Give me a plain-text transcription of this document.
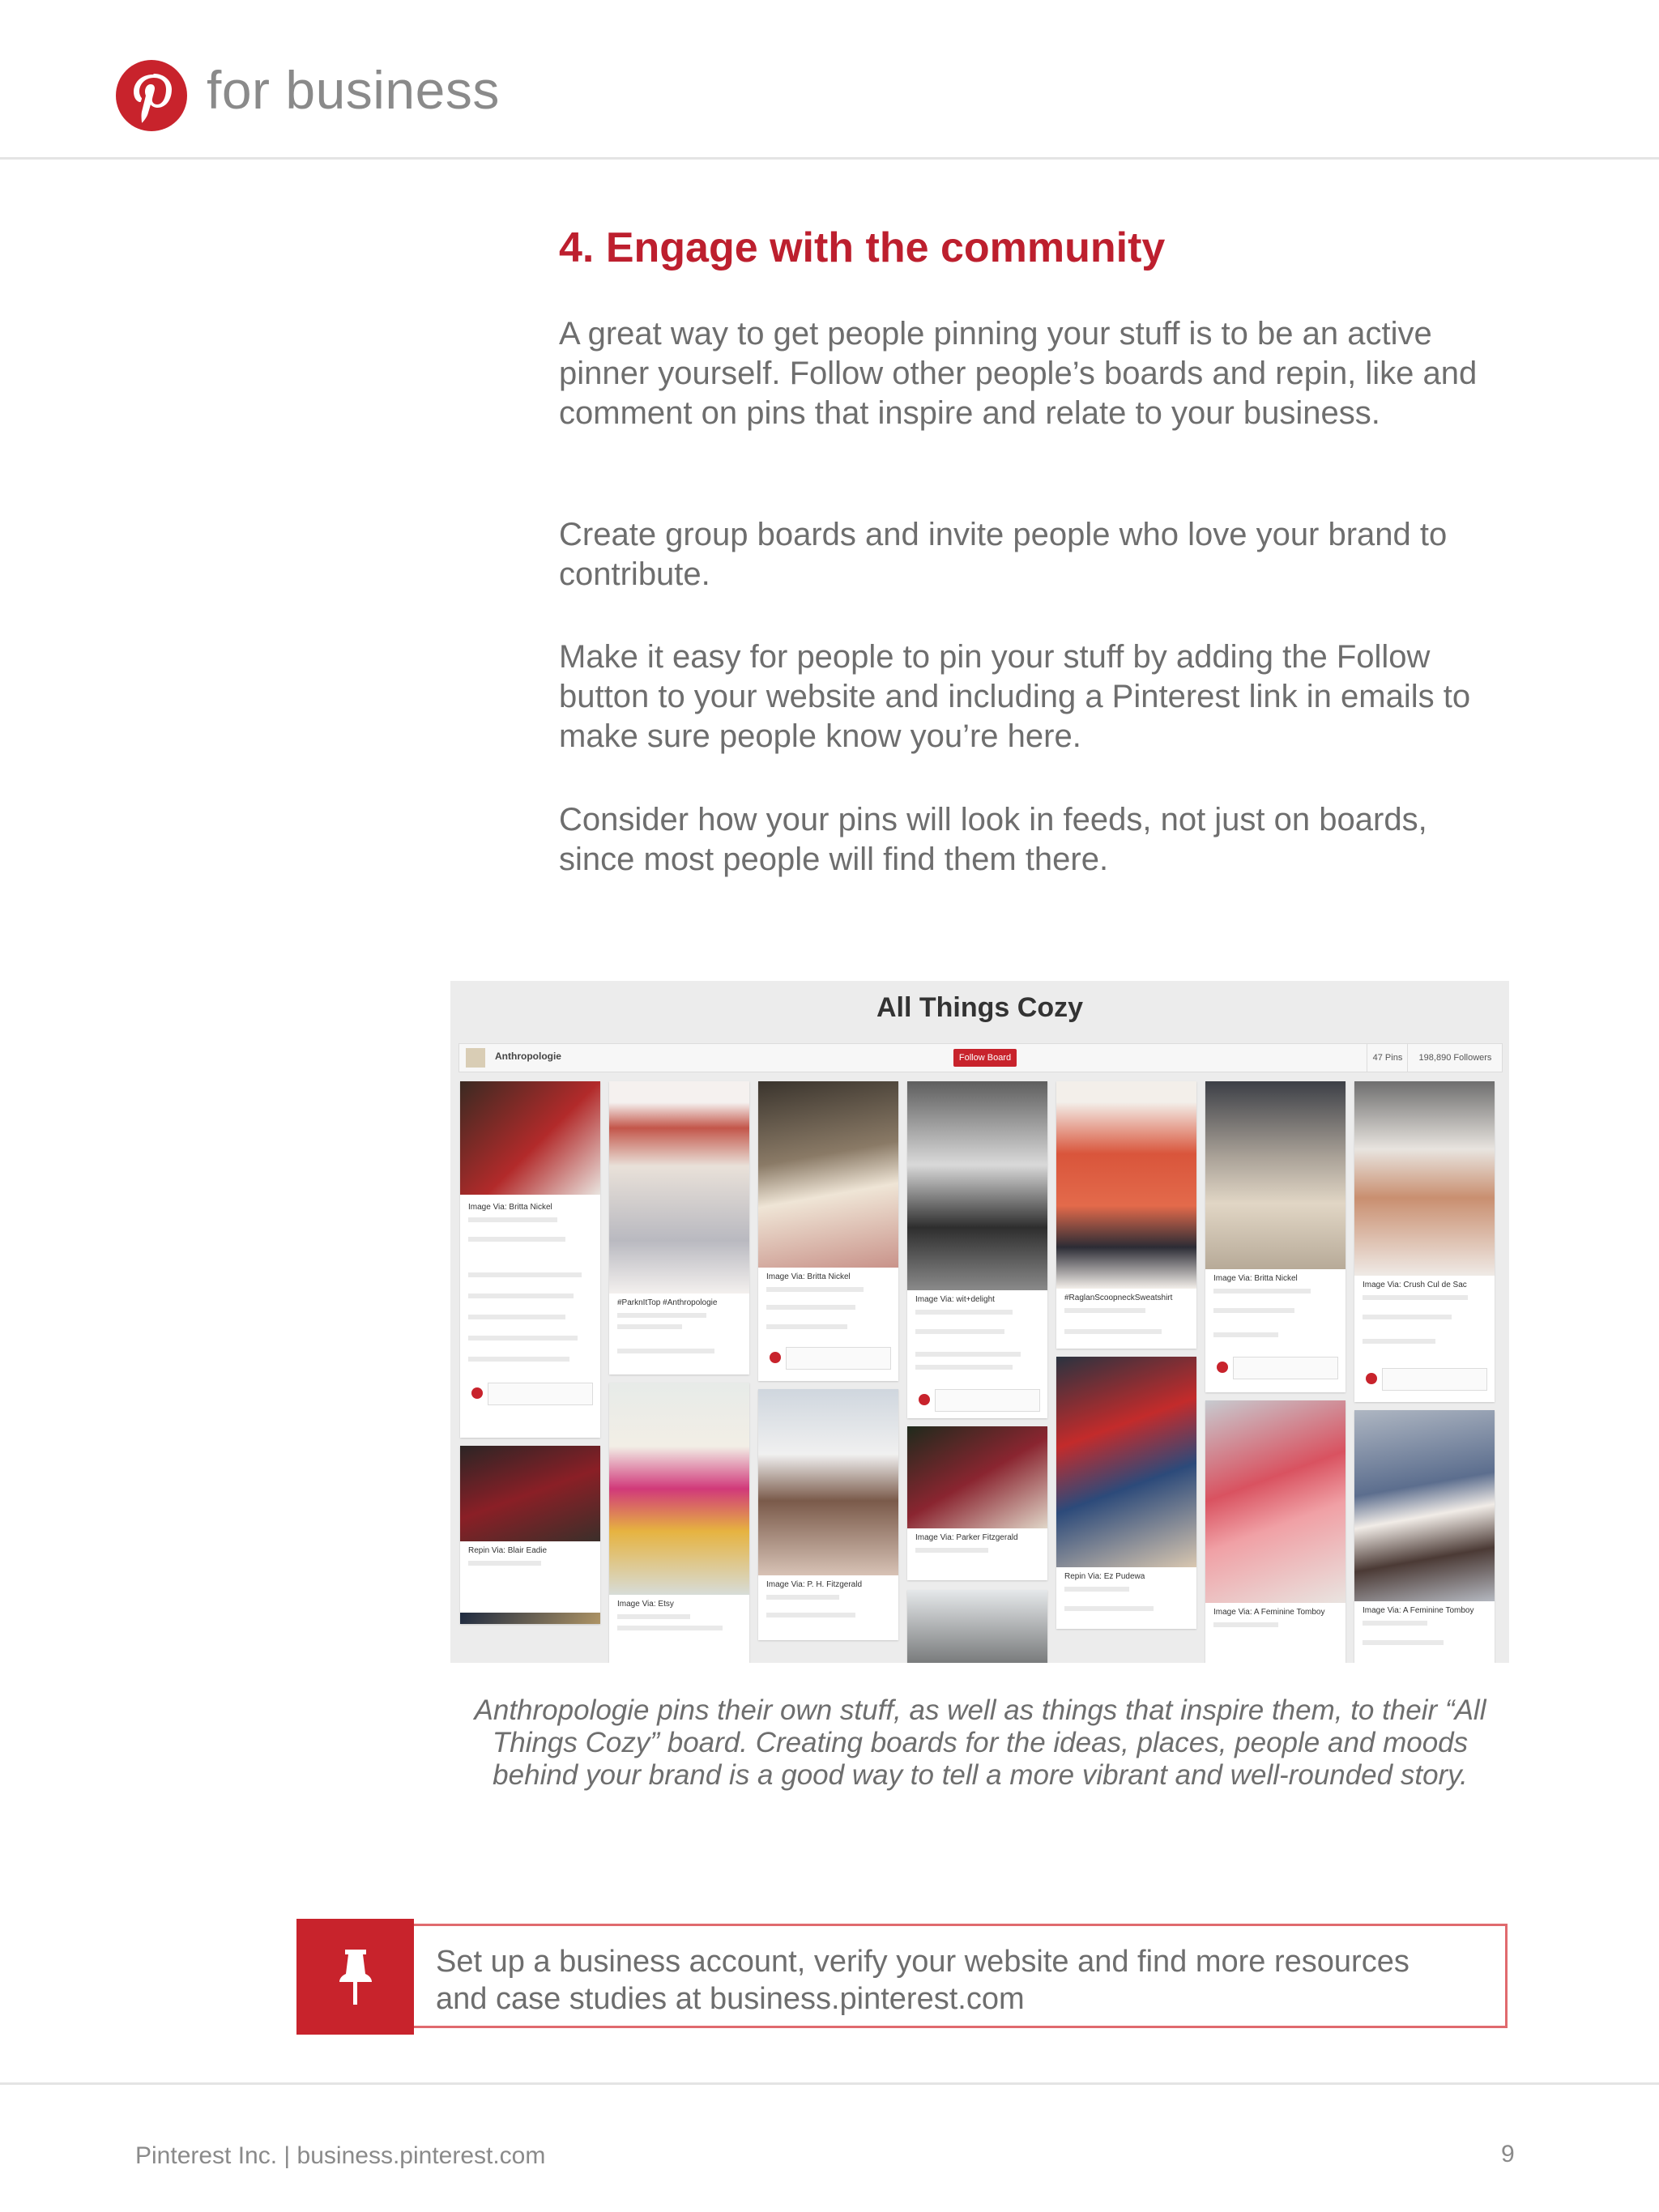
for business
4. Engage with the community

A great way to get people pinning your stuff is to be an active pinner yourself. Follow other people’s boards and repin, like and comment on pins that inspire and relate to your business.

Create group boards and invite people who love your brand to contribute.

Make it easy for people to pin your stuff by adding the Follow button to your website and including a Pinterest link in emails to make sure people know you’re here.

Consider how your pins will look in feeds, not just on boards, since most people will find them there.

All Things Cozy
Anthropologie	Follow Board	47 Pins	198,890 Followers
Image Via: Britta Nickel
Repin Via: Blair Eadie
#ParknItTop #Anthropologie
Image Via: Etsy
Image Via: Britta Nickel
Image Via: P. H. Fitzgerald
Image Via: wit+delight
Image Via: Parker Fitzgerald
#RaglanScoopneckSweatshirt
Repin Via: Ez Pudewa
Image Via: Britta Nickel
Image Via: A Feminine Tomboy
Image Via: Crush Cul de Sac
Image Via: A Feminine Tomboy

Anthropologie pins their own stuff, as well as things that inspire them, to their “All Things Cozy” board. Creating boards for the ideas, places, people and moods behind your brand is a good way to tell a more vibrant and well-rounded story.

Set up a business account, verify your website and find more resources
and case studies at business.pinterest.com

Pinterest Inc. | business.pinterest.com	9
